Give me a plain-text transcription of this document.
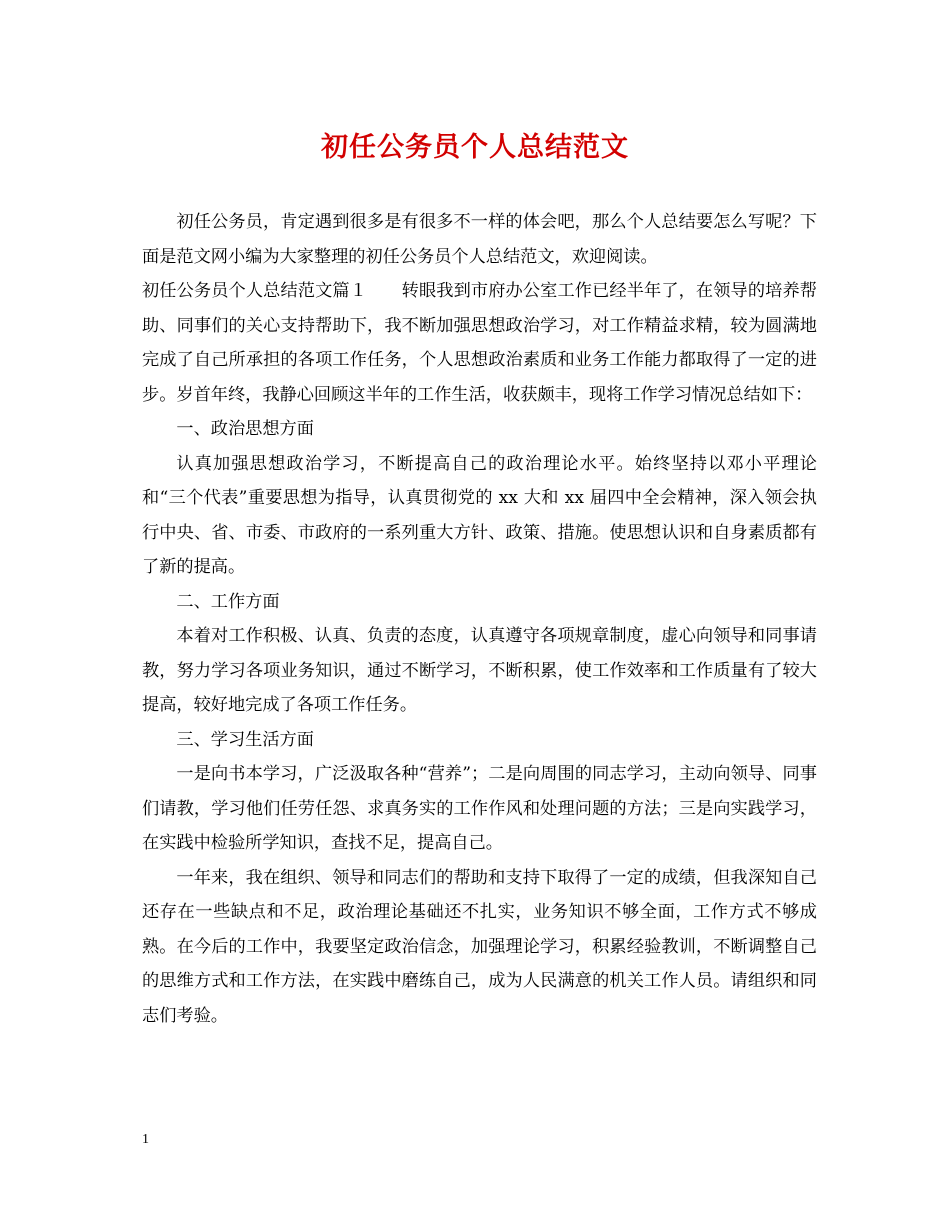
初任公务员个人总结范文

初任公务员，肯定遇到很多是有很多不一样的体会吧，那么个人总结要怎么写呢？下面是范文网小编为大家整理的初任公务员个人总结范文，欢迎阅读。

初任公务员个人总结范文篇１　　转眼我到市府办公室工作已经半年了，在领导的培养帮助、同事们的关心支持帮助下，我不断加强思想政治学习，对工作精益求精，较为圆满地完成了自己所承担的各项工作任务，个人思想政治素质和业务工作能力都取得了一定的进步。岁首年终，我静心回顾这半年的工作生活，收获颇丰，现将工作学习情况总结如下：

一、政治思想方面

认真加强思想政治学习，不断提高自己的政治理论水平。始终坚持以邓小平理论和“三个代表”重要思想为指导，认真贯彻党的 xx 大和 xx 届四中全会精神，深入领会执行中央、省、市委、市政府的一系列重大方针、政策、措施。使思想认识和自身素质都有了新的提高。

二、工作方面

本着对工作积极、认真、负责的态度，认真遵守各项规章制度，虚心向领导和同事请教，努力学习各项业务知识，通过不断学习，不断积累，使工作效率和工作质量有了较大提高，较好地完成了各项工作任务。

三、学习生活方面

一是向书本学习，广泛汲取各种“营养”；二是向周围的同志学习，主动向领导、同事们请教，学习他们任劳任怨、求真务实的工作作风和处理问题的方法；三是向实践学习，在实践中检验所学知识，查找不足，提高自己。

一年来，我在组织、领导和同志们的帮助和支持下取得了一定的成绩，但我深知自己还存在一些缺点和不足，政治理论基础还不扎实，业务知识不够全面，工作方式不够成熟。在今后的工作中，我要坚定政治信念，加强理论学习，积累经验教训，不断调整自己的思维方式和工作方法，在实践中磨练自己，成为人民满意的机关工作人员。请组织和同志们考验。

1
